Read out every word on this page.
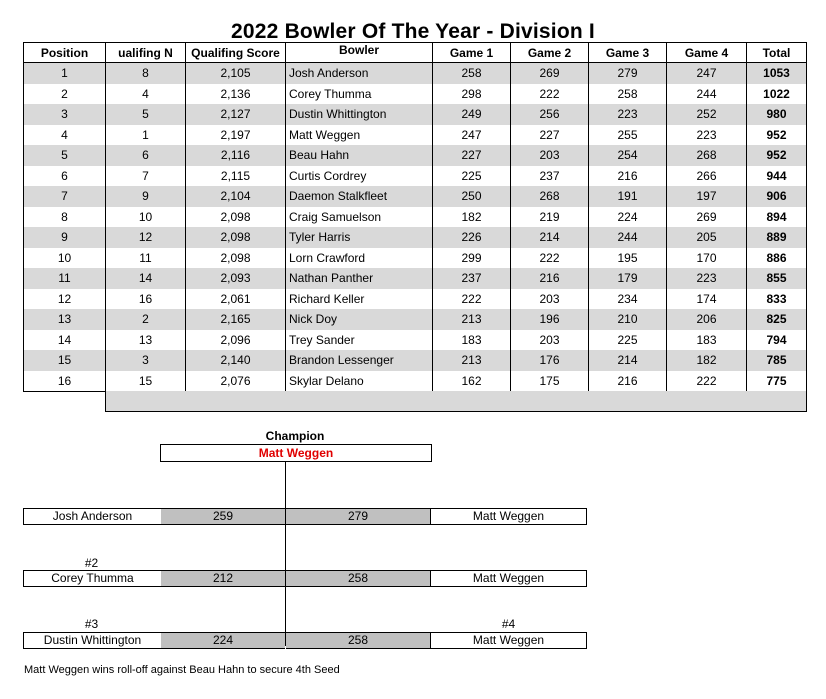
2022 Bowler Of The Year - Division I
Position	ualifing N	Qualifing Score	Bowler	Game 1	Game 2	Game 3	Game 4	Total
1	8	2,105	Josh Anderson	258	269	279	247	1053
2	4	2,136	Corey Thumma	298	222	258	244	1022
3	5	2,127	Dustin Whittington	249	256	223	252	980
4	1	2,197	Matt Weggen	247	227	255	223	952
5	6	2,116	Beau Hahn	227	203	254	268	952
6	7	2,115	Curtis Cordrey	225	237	216	266	944
7	9	2,104	Daemon Stalkfleet	250	268	191	197	906
8	10	2,098	Craig Samuelson	182	219	224	269	894
9	12	2,098	Tyler Harris	226	214	244	205	889
10	11	2,098	Lorn Crawford	299	222	195	170	886
11	14	2,093	Nathan Panther	237	216	179	223	855
12	16	2,061	Richard Keller	222	203	234	174	833
13	2	2,165	Nick Doy	213	196	210	206	825
14	13	2,096	Trey Sander	183	203	225	183	794
15	3	2,140	Brandon Lessenger	213	176	214	182	785
16	15	2,076	Skylar Delano	162	175	216	222	775
Champion
Matt Weggen
Josh Anderson	259	279	Matt Weggen
#2
Corey Thumma	212	258	Matt Weggen
#3	#4
Dustin Whittington	224	258	Matt Weggen
Matt Weggen wins roll-off against Beau Hahn to secure 4th Seed
